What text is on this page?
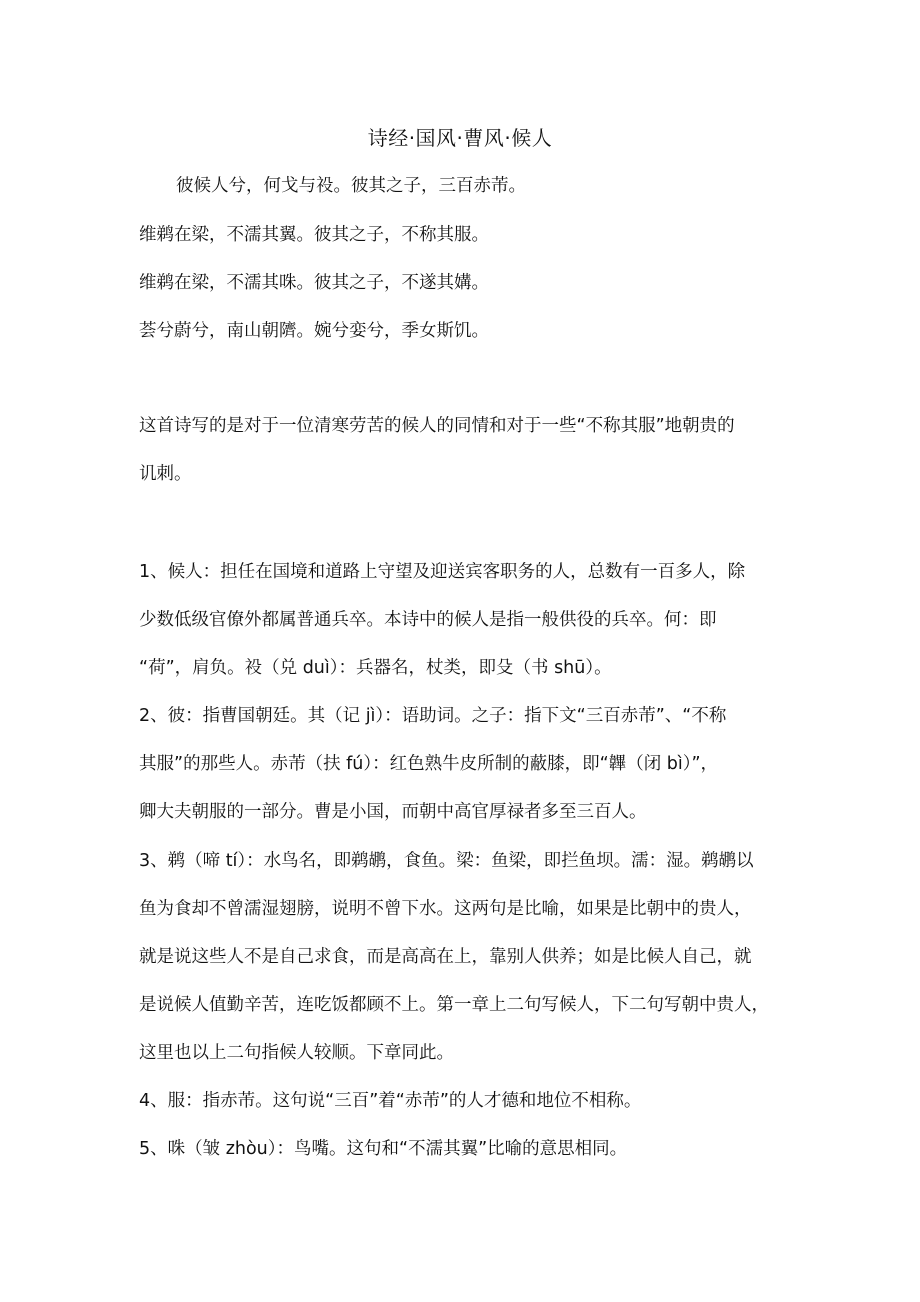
诗经·国风·曹风·候人
彼候人兮，何戈与祋。彼其之子，三百赤芾。
维鹈在梁，不濡其翼。彼其之子，不称其服。
维鹈在梁，不濡其咮。彼其之子，不遂其媾。
荟兮蔚兮，南山朝隮。婉兮娈兮，季女斯饥。
这首诗写的是对于一位清寒劳苦的候人的同情和对于一些“不称其服”地朝贵的
讥刺。
1、候人：担任在国境和道路上守望及迎送宾客职务的人，总数有一百多人，除
少数低级官僚外都属普通兵卒。本诗中的候人是指一般供役的兵卒。何：即
“荷”，肩负。祋（兑 duì）：兵器名，杖类，即殳（书 shū）。
2、彼：指曹国朝廷。其（记 jì）：语助词。之子：指下文“三百赤芾”、“不称
其服”的那些人。赤芾（扶 fú）：红色熟牛皮所制的蔽膝，即“韠（闭 bì）”，
卿大夫朝服的一部分。曹是小国，而朝中高官厚禄者多至三百人。
3、鹈（啼 tí）：水鸟名，即鹈鹕，食鱼。梁：鱼梁，即拦鱼坝。濡：湿。鹈鹕以
鱼为食却不曾濡湿翅膀，说明不曾下水。这两句是比喻，如果是比朝中的贵人，
就是说这些人不是自己求食，而是高高在上，靠别人供养；如是比候人自己，就
是说候人值勤辛苦，连吃饭都顾不上。第一章上二句写候人，下二句写朝中贵人，
这里也以上二句指候人较顺。下章同此。
4、服：指赤芾。这句说“三百”着“赤芾”的人才德和地位不相称。
5、咮（皱 zhòu）：鸟嘴。这句和“不濡其翼”比喻的意思相同。
